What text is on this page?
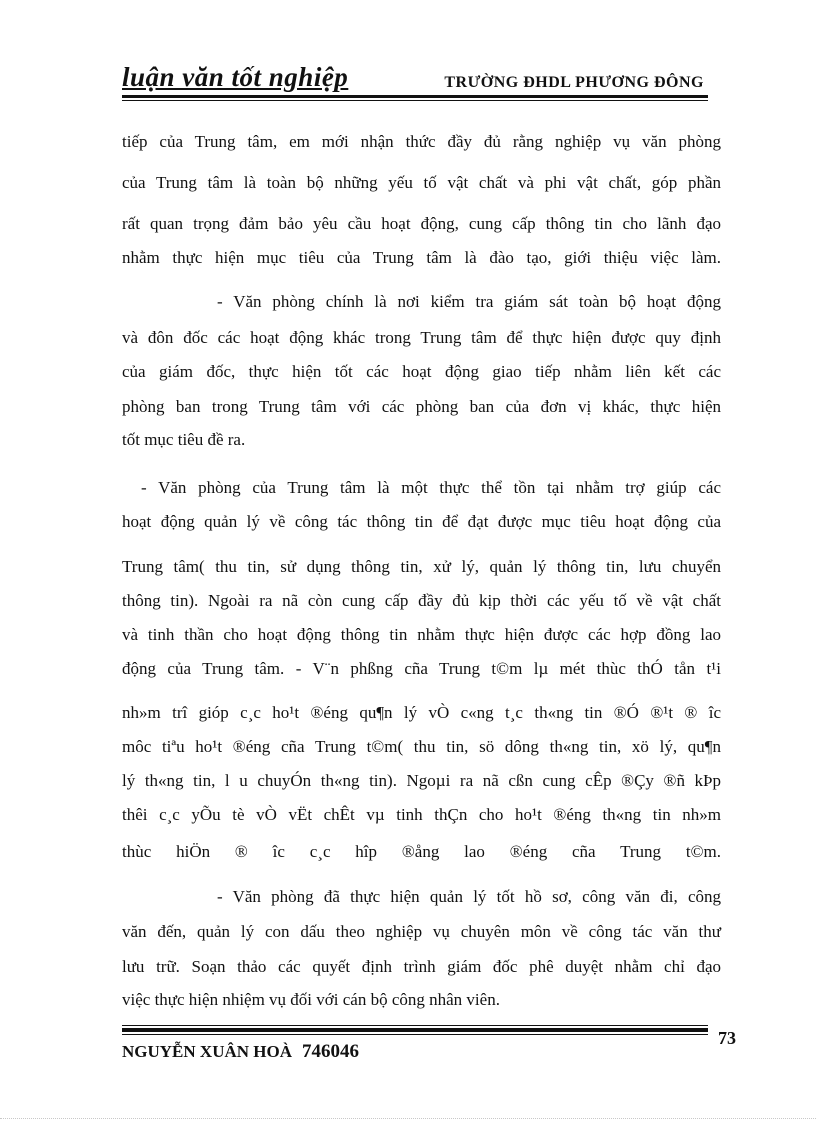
luận văn tốt nghiệp	TRƯỜNG ĐHDL PHƯƠNG ĐÔNG
tiếp của Trung tâm, em mới nhận thức đầy đủ rằng nghiệp vụ văn phòng
của Trung tâm là toàn bộ những yếu tố vật chất và phi vật chất, góp phần
rất quan trọng đảm bảo yêu cầu hoạt động, cung cấp thông tin cho lãnh đạo
nhằm thực hiện mục tiêu của Trung tâm là đào tạo, giới thiệu việc làm.
- Văn phòng chính là nơi kiểm tra giám sát toàn bộ hoạt động
và đôn đốc các hoạt động khác trong Trung tâm để thực hiện được quy định
của giám đốc, thực hiện tốt các hoạt động giao tiếp nhằm liên kết các
phòng ban trong Trung tâm với các phòng ban của đơn vị khác, thực hiện
tốt mục tiêu đề ra.
- Văn phòng của Trung tâm là một thực thể tồn tại nhằm trợ giúp các
hoạt động quản lý về công tác thông tin để đạt được mục tiêu hoạt động của
Trung tâm( thu tin, sử dụng thông tin, xử lý, quản lý thông tin, lưu chuyển
thông tin). Ngoài ra nã còn cung cấp đầy đủ kịp thời các yếu tố về vật chất
và tinh thần cho hoạt động thông tin nhằm thực hiện được các hợp đồng lao
động của Trung tâm. - V¨n phßng cña Trung t©m lµ mét thùc thÓ tån t¹i
nh»m trî gióp c¸c ho¹t ®éng qu¶n lý vÒ c«ng t¸c th«ng tin ®Ó ®¹t ® îc
môc tiªu ho¹t ®éng cña Trung t©m( thu tin, sö dông th«ng tin, xö lý, qu¶n
lý th«ng tin, l u chuyÓn th«ng tin). Ngoµi ra nã cßn cung cÊp ®Çy ®ñ kÞp
thêi c¸c yÕu tè vÒ vËt chÊt vµ tinh thÇn cho ho¹t ®éng th«ng tin nh»m
thùc hiÖn ® îc c¸c hîp ®ång lao ®éng cña Trung t©m.
- Văn phòng đã thực hiện quản lý tốt hồ sơ, công văn đi, công
văn đến, quản lý con dấu theo nghiệp vụ chuyên môn về công tác văn thư
lưu trữ. Soạn thảo các quyết định trình giám đốc phê duyệt nhằm chỉ đạo
việc thực hiện nhiệm vụ đối với cán bộ công nhân viên.
NGUYỄN XUÂN HOÀ 746046
73
